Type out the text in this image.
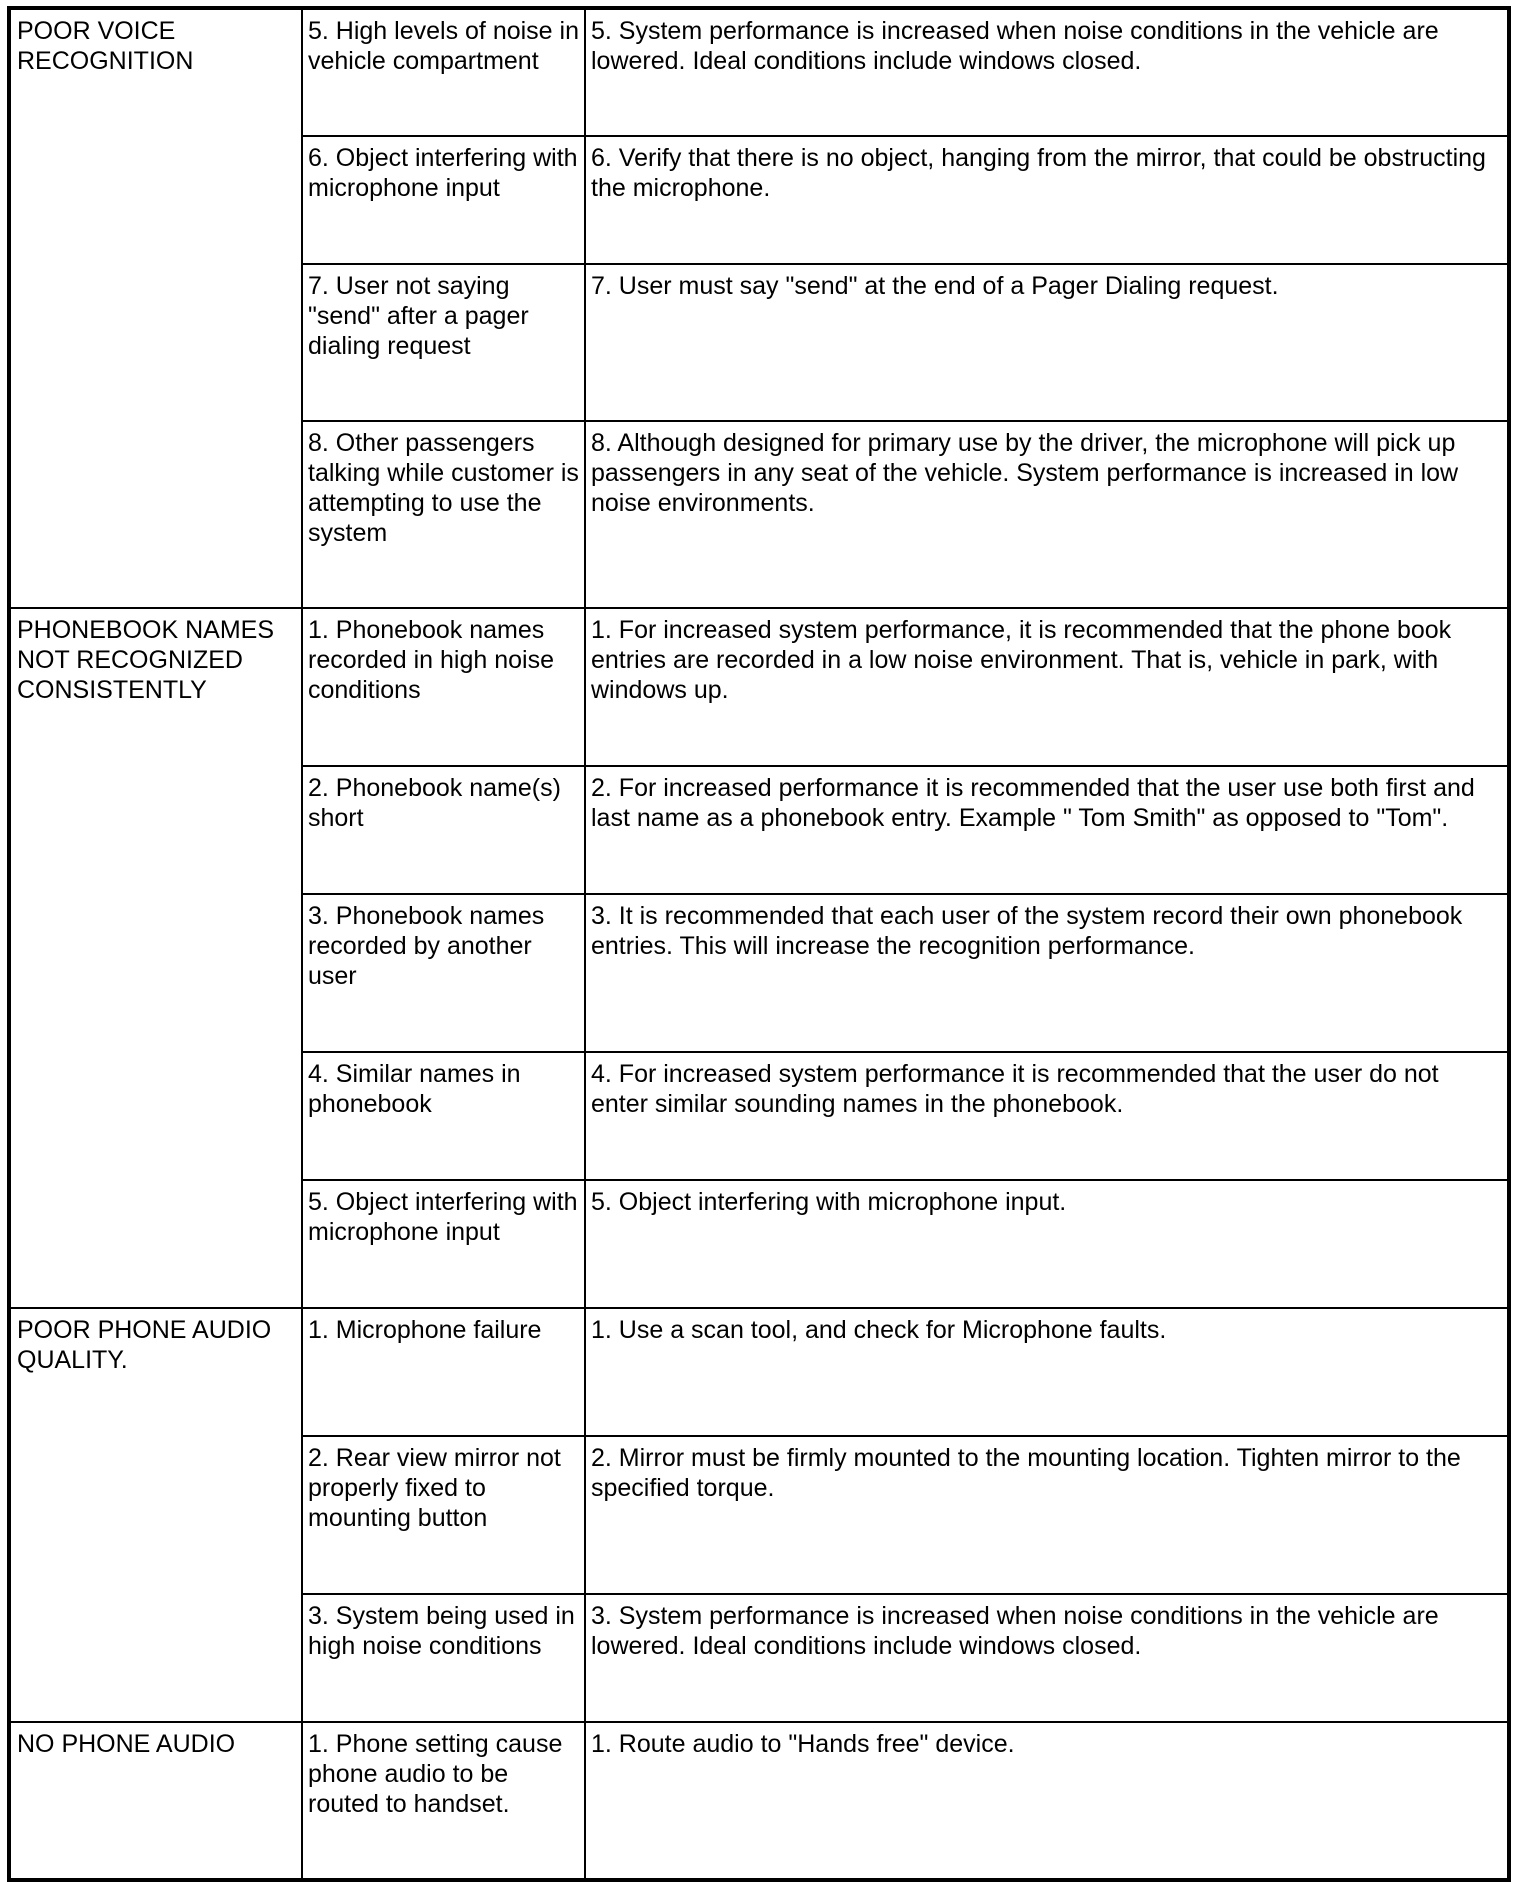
POOR VOICE
RECOGNITION	5. High levels of noise in vehicle compartment	5. System performance is increased when noise conditions in the vehicle are lowered. Ideal conditions include windows closed.
	6. Object interfering with microphone input	6. Verify that there is no object, hanging from the mirror, that could be obstructing the microphone.
	7. User not saying "send" after a pager dialing request	7. User must say "send" at the end of a Pager Dialing request.
	8. Other passengers talking while customer is attempting to use the system	8. Although designed for primary use by the driver, the microphone will pick up passengers in any seat of the vehicle. System performance is increased in low noise environments.
PHONEBOOK NAMES
NOT RECOGNIZED
CONSISTENTLY	1. Phonebook names recorded in high noise conditions	1. For increased system performance, it is recommended that the phone book entries are recorded in a low noise environment. That is, vehicle in park, with windows up.
	2. Phonebook name(s) short	2. For increased performance it is recommended that the user use both first and last name as a phonebook entry. Example " Tom Smith" as opposed to "Tom".
	3. Phonebook names recorded by another user	3. It is recommended that each user of the system record their own phonebook entries. This will increase the recognition performance.
	4. Similar names in phonebook	4. For increased system performance it is recommended that the user do not enter similar sounding names in the phonebook.
	5. Object interfering with microphone input	5. Object interfering with microphone input.
POOR PHONE AUDIO
QUALITY.	1. Microphone failure	1. Use a scan tool, and check for Microphone faults.
	2. Rear view mirror not properly fixed to mounting button	2. Mirror must be firmly mounted to the mounting location. Tighten mirror to the specified torque.
	3. System being used in high noise conditions	3. System performance is increased when noise conditions in the vehicle are lowered. Ideal conditions include windows closed.
NO PHONE AUDIO	1. Phone setting cause phone audio to be routed to handset.	1. Route audio to "Hands free" device.
